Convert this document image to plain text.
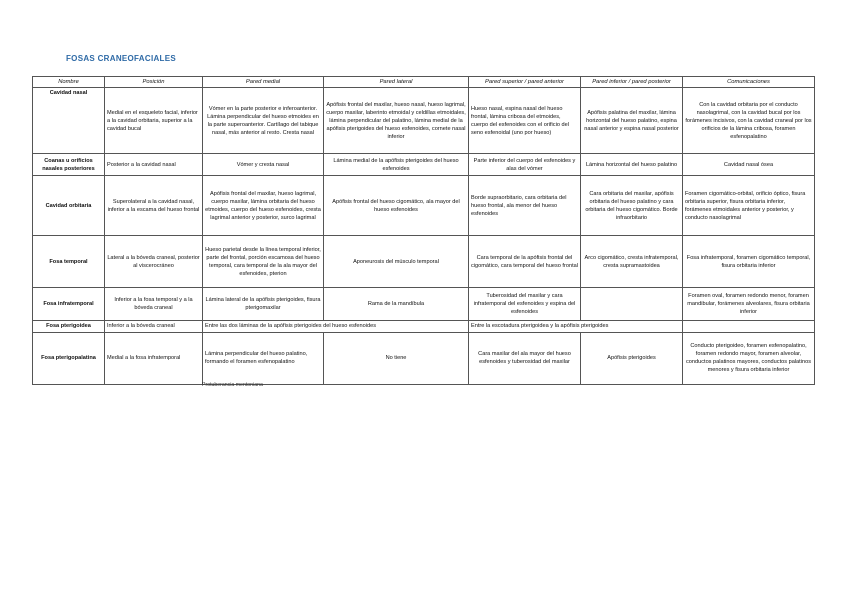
FOSAS CRANEOFACIALES
Nombre	Posición	Pared medial	Pared lateral	Pared superior / pared anterior	Pared inferior / pared posterior	Comunicaciones
Cavidad nasal	Medial en el esqueleto facial, inferior a la cavidad orbitaria, superior a la cavidad bucal	Vómer en la parte posterior e inferoanterior. Lámina perpendicular del hueso etmoides en la parte superoanterior. Cartílago del tabique nasal, más anterior al resto. Cresta nasal	Apófisis frontal del maxilar, hueso nasal, hueso lagrimal, cuerpo maxilar, laberinto etmoidal y celdillas etmoidales, lámina perpendicular del palatino, lámina medial de la apófisis pterigoides del hueso esfenoides, cornete nasal inferior	Hueso nasal, espina nasal del hueso frontal, lámina cribosa del etmoides, cuerpo del esfenoides con el orificio del seno esfenoidal (uno por hueso)	Apófisis palatina del maxilar, lámina horizontal del hueso palatino, espina nasal anterior y espina nasal posterior	Con la cavidad orbitaria por el conducto nasolagrimal, con la cavidad bucal por los forámenes incisivos, con la cavidad craneal por los orificios de la lámina cribosa, foramen esfenopalatino
Coanas u orificios nasales posteriores	Posterior a la cavidad nasal	Vómer y cresta nasal	Lámina medial de la apófisis pterigoides del hueso esfenoides	Parte inferior del cuerpo del esfenoides y alas del vómer	Lámina horizontal del hueso palatino	Cavidad nasal ósea
Cavidad orbitaria	Superolateral a la cavidad nasal, inferior a la escama del hueso frontal	Apófisis frontal del maxilar, hueso lagrimal, cuerpo maxilar, lámina orbitaria del hueso etmoides, cuerpo del hueso esfenoides, cresta lagrimal anterior y posterior, surco lagrimal	Apófisis frontal del hueso cigomático, ala mayor del hueso esfenoides	Borde supraorbitario, cara orbitaria del hueso frontal, ala menor del hueso esfenoides	Cara orbitaria del maxilar, apófisis orbitaria del hueso palatino y cara orbitaria del hueso cigomático. Borde infraorbitario	Foramen cigomático-orbital, orificio óptico, fisura orbitaria superior, fisura orbitaria inferior, forámenes etmoidales anterior y posterior, y conducto nasolagrimal
Fosa temporal	Lateral a la bóveda craneal, posterior al viscerocráneo	Hueso parietal desde la línea temporal inferior, parte del frontal, porción escamosa del hueso temporal, cara temporal de la ala mayor del esfenoides, pterion	Aponeurosis del músculo temporal	Cara temporal de la apófisis frontal del cigomático, cara temporal del hueso frontal	Arco cigomático, cresta infratemporal, cresta supramastoidea	Fosa infratemporal, foramen cigomático temporal, fisura orbitaria inferior
Fosa infratemporal	Inferior a la fosa temporal y a la bóveda craneal	Lámina lateral de la apófisis pterigoides, fisura pterigomaxilar	Rama de la mandíbula	Tuberosidad del maxilar y cara infratemporal del esfenoides y espina del esfenoides		Foramen oval, foramen redondo menor, foramen mandibular, forámenes alveolares, fisura orbitaria inferior
Fosa pterigoidea	Inferior a la bóveda craneal	Entre las dos láminas de la apófisis pterigoides del hueso esfenoides		Entre la escotadura pterigoidea y la apófisis pterigoides		
Fosa pterigopalatina	Medial a la fosa infratemporal	Lámina perpendicular del hueso palatino, formando el foramen esfenopalatino	No tiene	Cara maxilar del ala mayor del hueso esfenoides y tuberosidad del maxilar	Apófisis pterigoides	Conducto pterigoideo, foramen esfenopalatino, foramen redondo mayor, foramen alveolar, conductos palatinos mayores, conductos palatinos menores y fisura orbitaria inferior
Protuberancia mentoniana
